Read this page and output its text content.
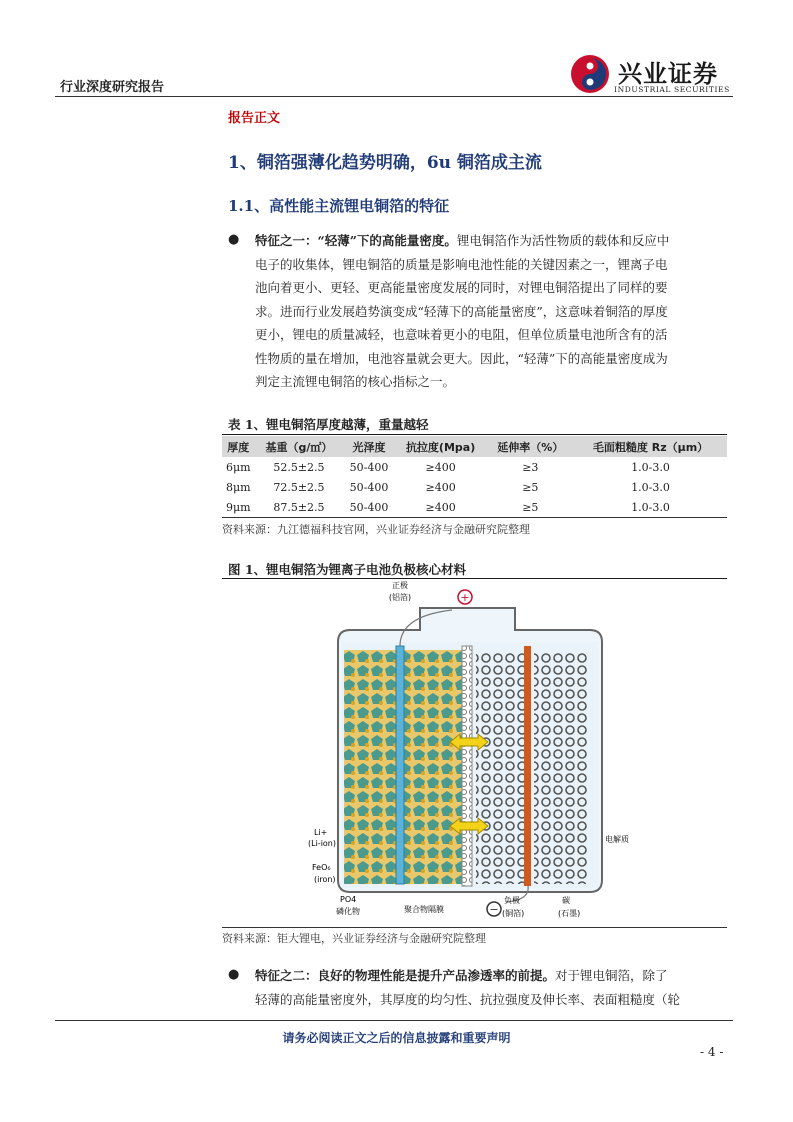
行业深度研究报告	兴业证券
INDUSTRIAL SECURITIES
报告正文
1、铜箔强薄化趋势明确，6u 铜箔成主流
1.1、高性能主流锂电铜箔的特征
● 特征之一：“轻薄”下的高能量密度。锂电铜箔作为活性物质的载体和反应中
电子的收集体，锂电铜箔的质量是影响电池性能的关键因素之一，锂离子电
池向着更小、更轻、更高能量密度发展的同时，对锂电铜箔提出了同样的要
求。进而行业发展趋势演变成“轻薄下的高能量密度”，这意味着铜箔的厚度
更小，锂电的质量减轻，也意味着更小的电阻，但单位质量电池所含有的活
性物质的量在增加，电池容量就会更大。因此，“轻薄”下的高能量密度成为
判定主流锂电铜箔的核心指标之一。
表 1、锂电铜箔厚度越薄，重量越轻
厚度	基重（g/㎡）	光泽度	抗拉度(Mpa)	延伸率（%）	毛面粗糙度 Rz（μm）
6μm	52.5±2.5	50-400	≥400	≥3	1.0-3.0
8μm	72.5±2.5	50-400	≥400	≥5	1.0-3.0
9μm	87.5±2.5	50-400	≥400	≥5	1.0-3.0
资料来源：九江德福科技官网，兴业证券经济与金融研究院整理
图 1、锂电铜箔为锂离子电池负极核心材料
+
−
正极
(铝箔)
电解质
Li+
(Li-ion)
FeO₆
(iron)
PO4
磷化物	聚合物隔膜
负极
(铜箔)
碳
(石墨)
资料来源：钜大锂电，兴业证券经济与金融研究院整理
● 特征之二：良好的物理性能是提升产品渗透率的前提。对于锂电铜箔，除了
轻薄的高能量密度外，其厚度的均匀性、抗拉强度及伸长率、表面粗糙度（轮
请务必阅读正文之后的信息披露和重要声明
- 4 -
